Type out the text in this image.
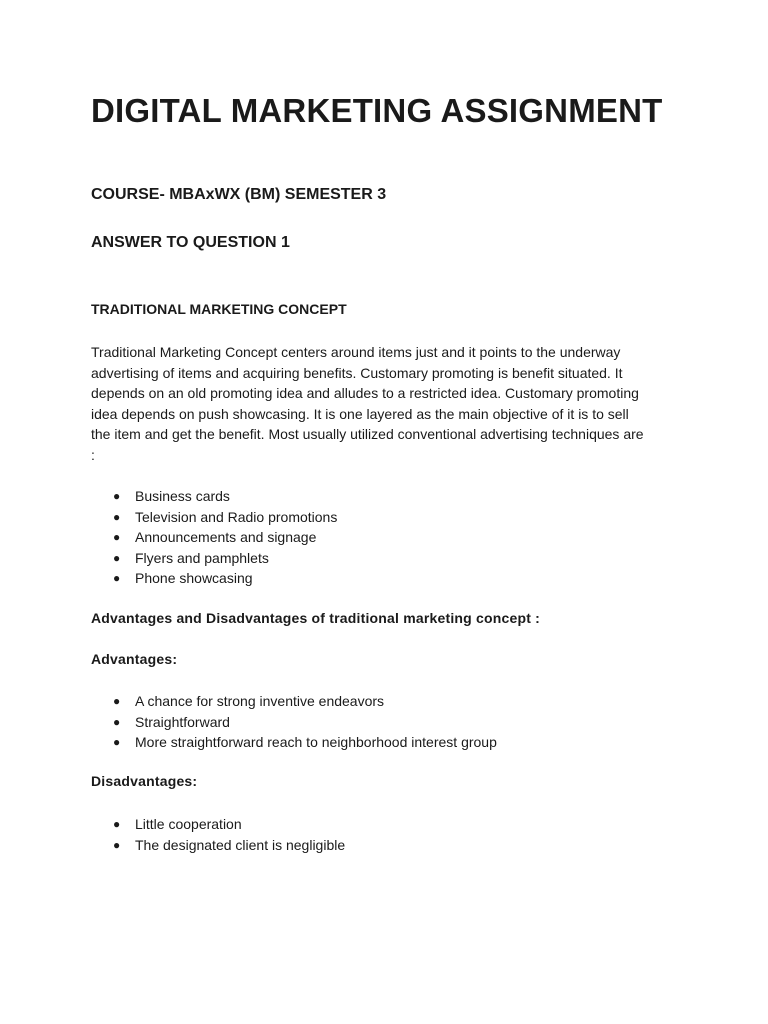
DIGITAL MARKETING ASSIGNMENT
COURSE- MBAxWX (BM) SEMESTER 3
ANSWER TO QUESTION 1
TRADITIONAL MARKETING CONCEPT

Traditional Marketing Concept centers around items just and it points to the underway advertising of items and acquiring benefits. Customary promoting is benefit situated. It depends on an old promoting idea and alludes to a restricted idea. Customary promoting idea depends on push showcasing. It is one layered as the main objective of it is to sell the item and get the benefit. Most usually utilized conventional advertising techniques are :

● Business cards
● Television and Radio promotions
● Announcements and signage
● Flyers and pamphlets
● Phone showcasing

Advantages and Disadvantages of traditional marketing concept :

Advantages:

● A chance for strong inventive endeavors
● Straightforward
● More straightforward reach to neighborhood interest group

Disadvantages:

● Little cooperation
● The designated client is negligible
